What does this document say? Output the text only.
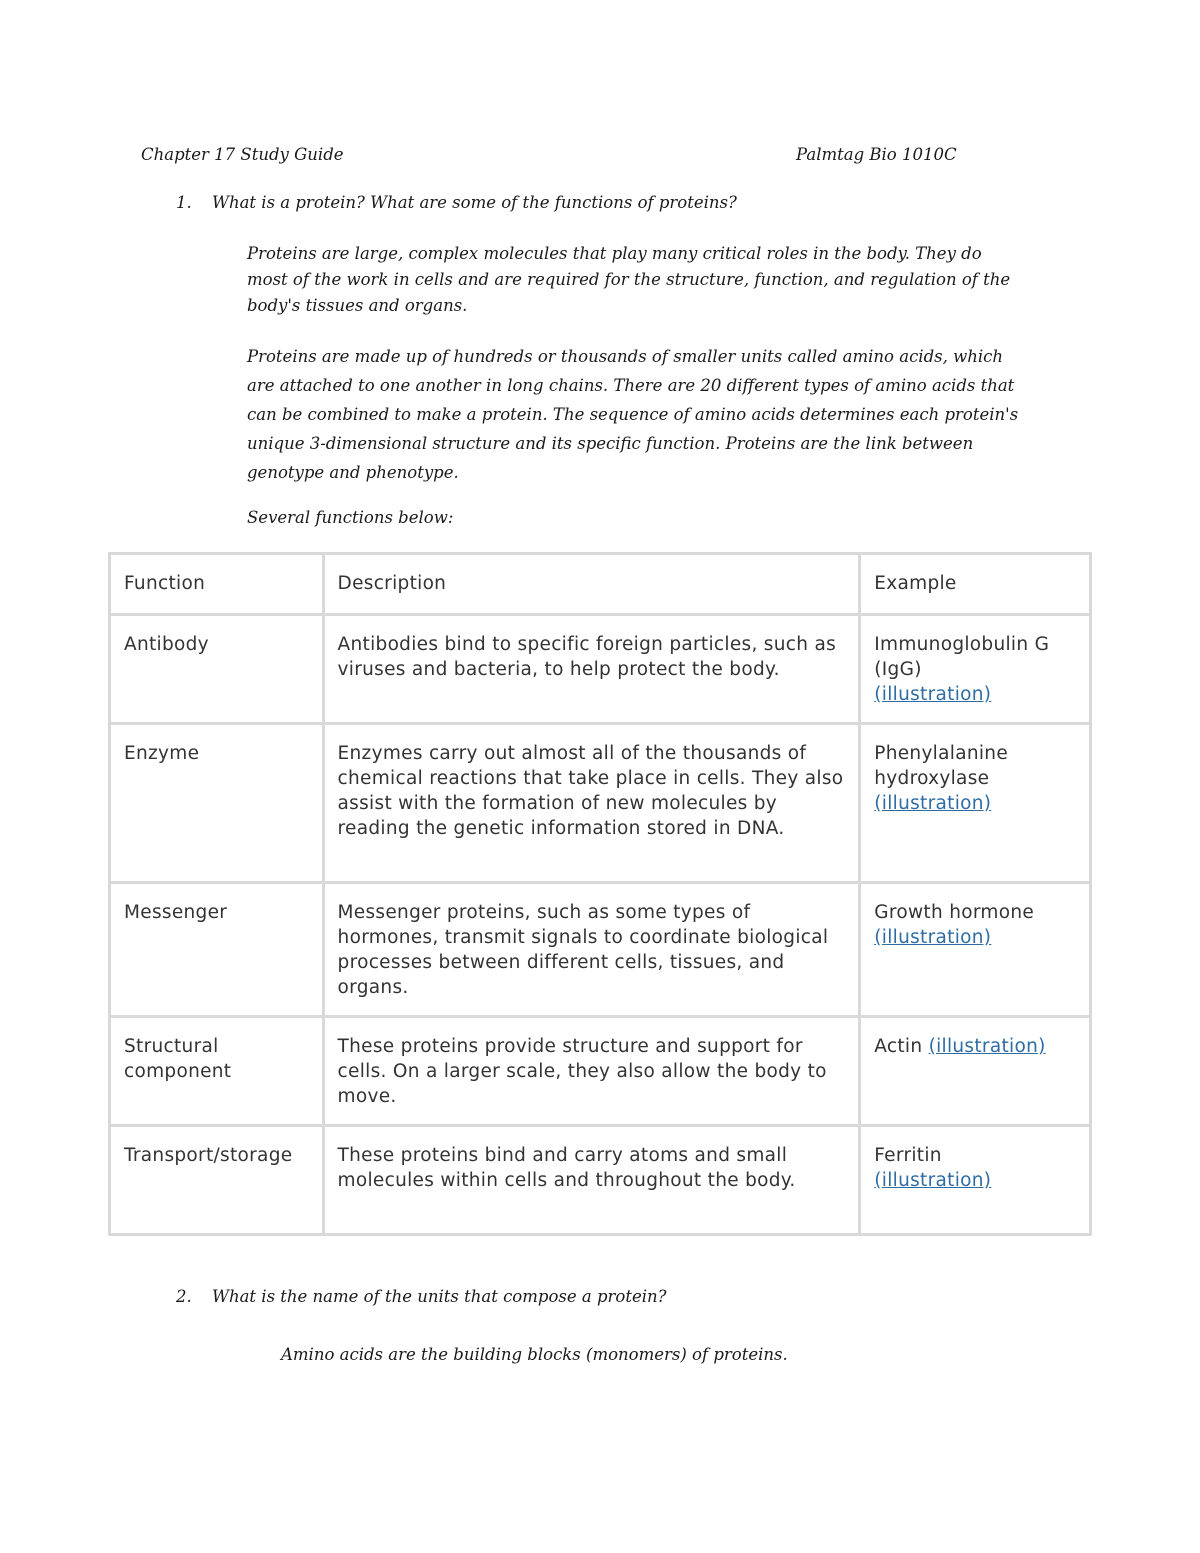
Chapter 17 Study Guide	Palmtag Bio 1010C
1. What is a protein? What are some of the functions of proteins?
Proteins are large, complex molecules that play many critical roles in the body. They do
most of the work in cells and are required for the structure, function, and regulation of the
body's tissues and organs.
Proteins are made up of hundreds or thousands of smaller units called amino acids, which
are attached to one another in long chains. There are 20 different types of amino acids that
can be combined to make a protein. The sequence of amino acids determines each protein's
unique 3-dimensional structure and its specific function. Proteins are the link between
genotype and phenotype.
Several functions below:
Function	Description	Example
Antibody	Antibodies bind to specific foreign particles, such as viruses and bacteria, to help protect the body.	Immunoglobulin G (IgG)
(illustration)
Enzyme	Enzymes carry out almost all of the thousands of chemical reactions that take place in cells. They also assist with the formation of new molecules by reading the genetic information stored in DNA.	Phenylalanine hydroxylase
(illustration)
Messenger	Messenger proteins, such as some types of hormones, transmit signals to coordinate biological processes between different cells, tissues, and organs.	Growth hormone
(illustration)
Structural component	These proteins provide structure and support for cells. On a larger scale, they also allow the body to move.	Actin (illustration)
Transport/storage	These proteins bind and carry atoms and small molecules within cells and throughout the body.	Ferritin
(illustration)
2. What is the name of the units that compose a protein?
Amino acids are the building blocks (monomers) of proteins.
